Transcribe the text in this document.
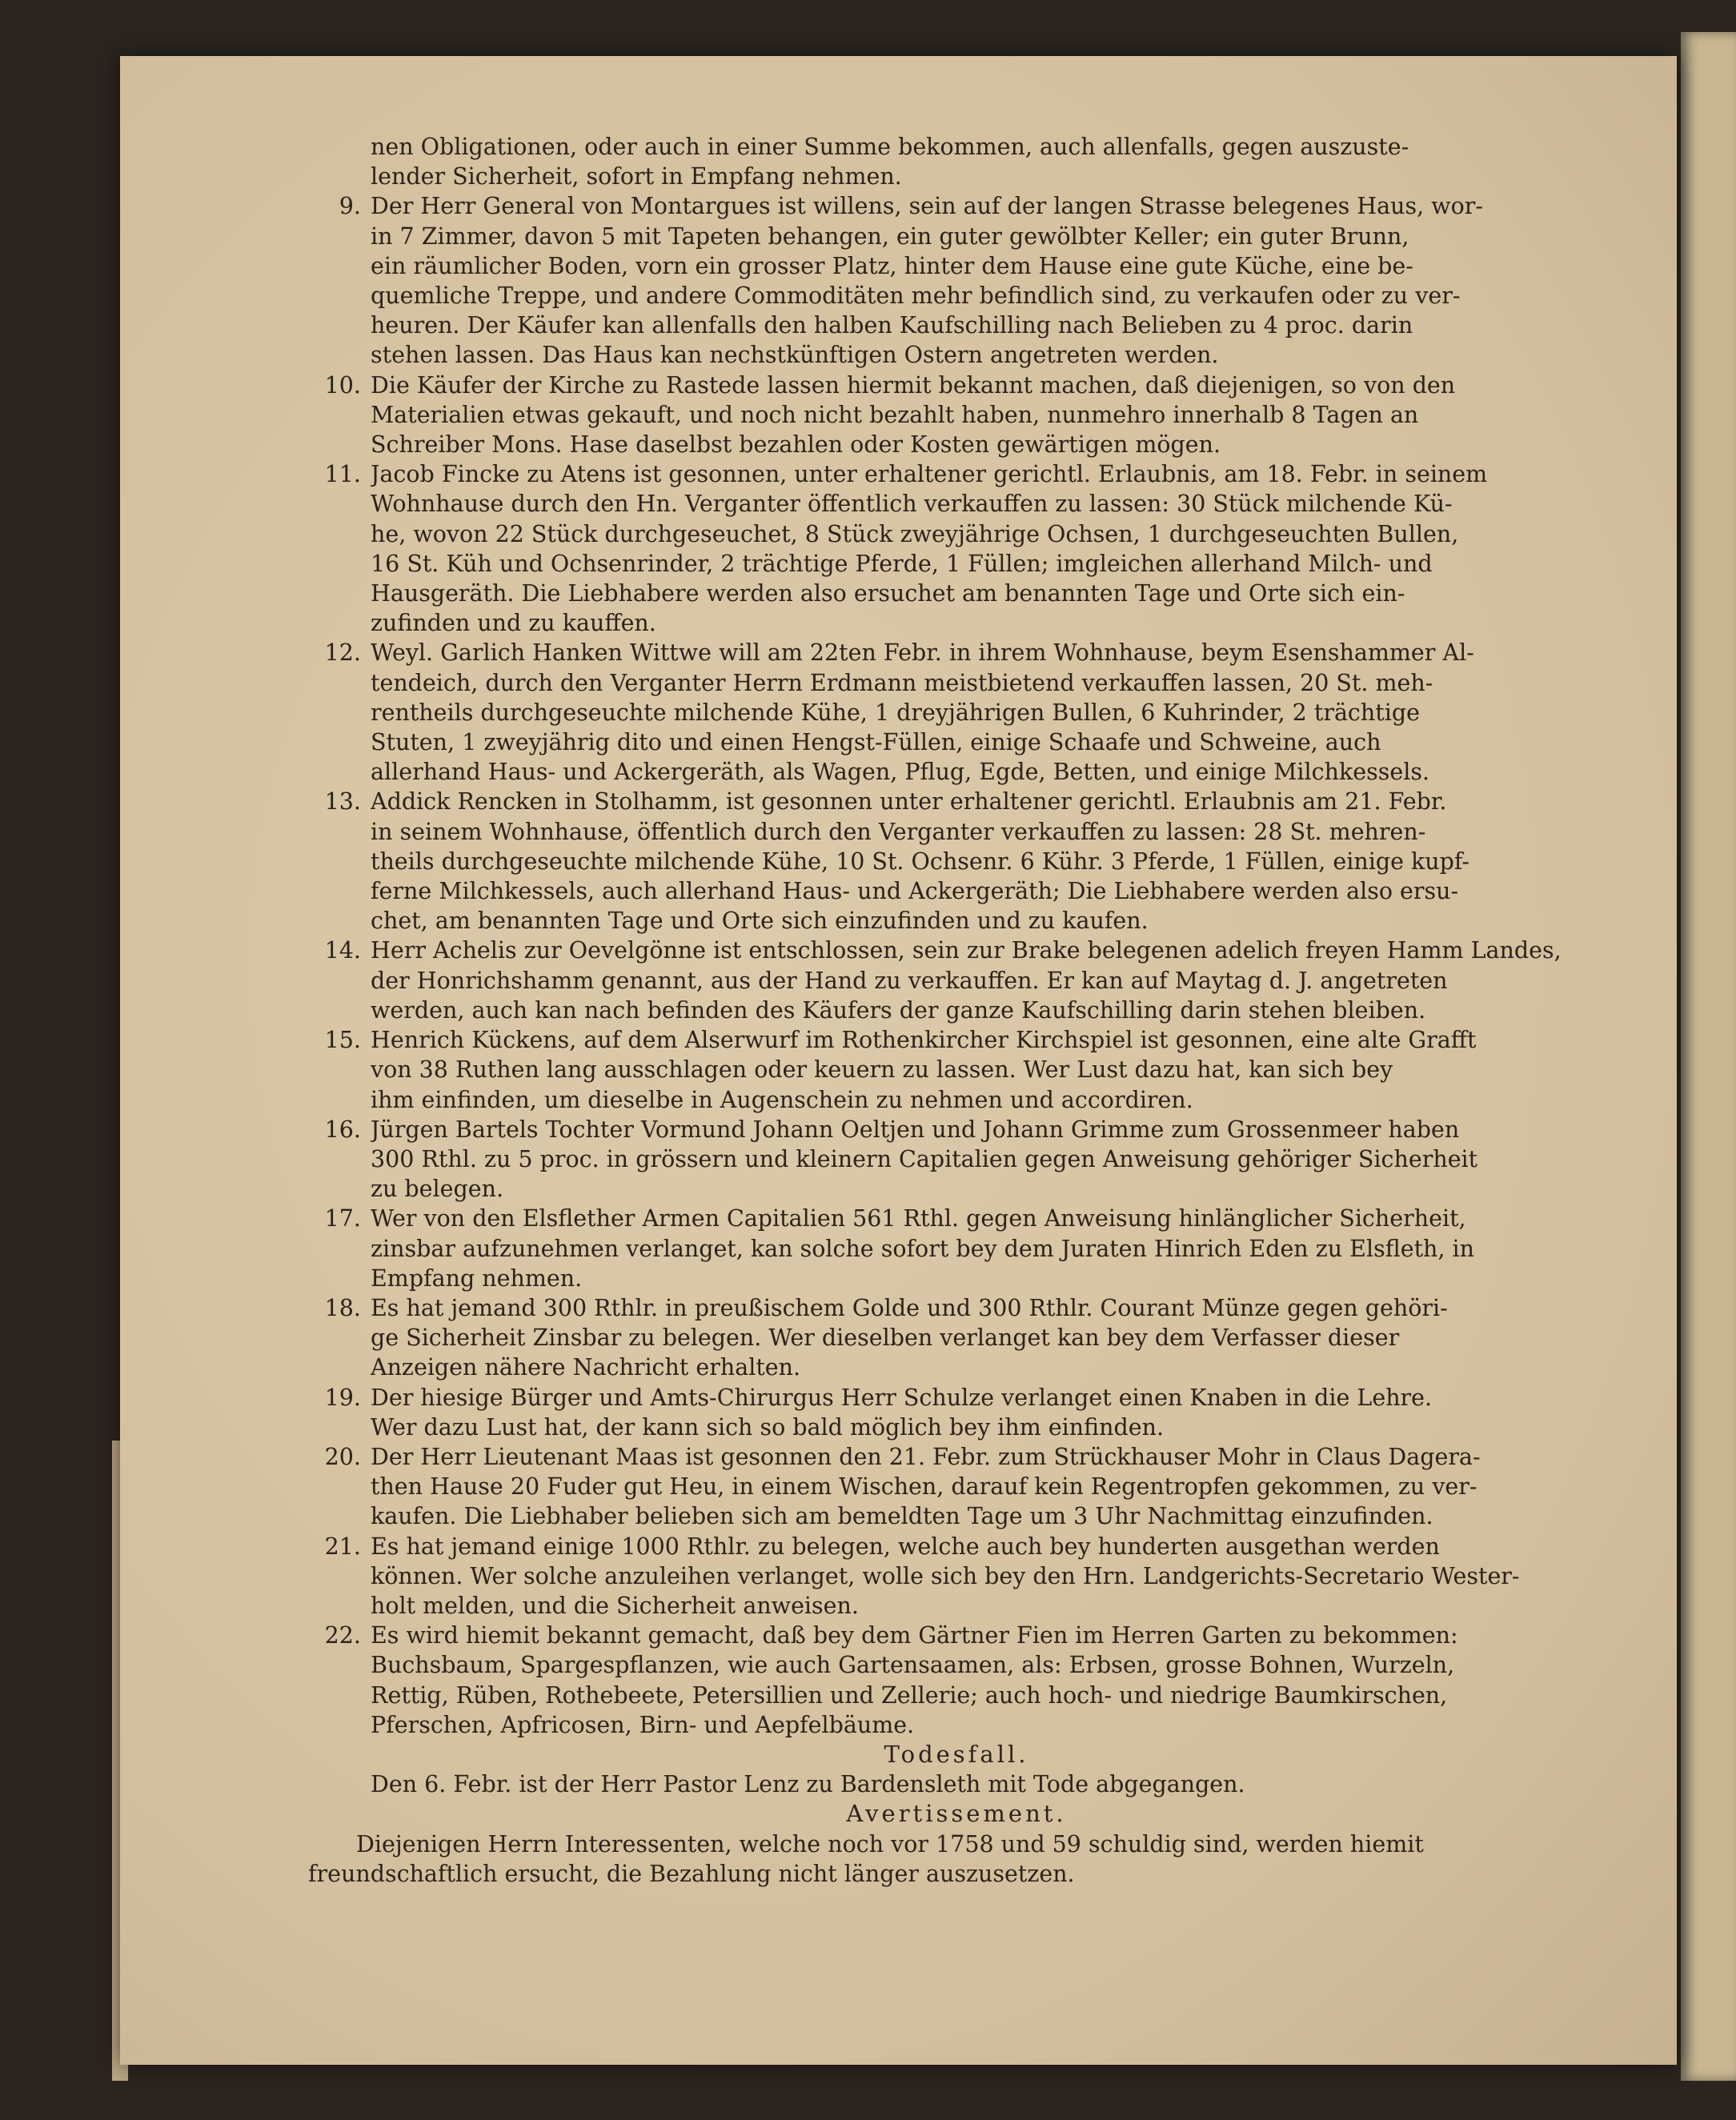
nen Obligationen, oder auch in einer Summe bekommen, auch allenfalls, gegen auszuste-
lender Sicherheit, sofort in Empfang nehmen.
9. Der Herr General von Montargues ist willens, sein auf der langen Strasse belegenes Haus, wor-
in 7 Zimmer, davon 5 mit Tapeten behangen, ein guter gewölbter Keller; ein guter Brunn,
ein räumlicher Boden, vorn ein grosser Platz, hinter dem Hause eine gute Küche, eine be-
quemliche Treppe, und andere Commoditäten mehr befindlich sind, zu verkaufen oder zu ver-
heuren. Der Käufer kan allenfalls den halben Kaufschilling nach Belieben zu 4 proc. darin
stehen lassen. Das Haus kan nechstkünftigen Ostern angetreten werden.
10. Die Käufer der Kirche zu Rastede lassen hiermit bekannt machen, daß diejenigen, so von den
Materialien etwas gekauft, und noch nicht bezahlt haben, nunmehro innerhalb 8 Tagen an
Schreiber Mons. Hase daselbst bezahlen oder Kosten gewärtigen mögen.
11. Jacob Fincke zu Atens ist gesonnen, unter erhaltener gerichtl. Erlaubnis, am 18. Febr. in seinem
Wohnhause durch den Hn. Verganter öffentlich verkauffen zu lassen: 30 Stück milchende Kü-
he, wovon 22 Stück durchgeseuchet, 8 Stück zweyjährige Ochsen, 1 durchgeseuchten Bullen,
16 St. Küh und Ochsenrinder, 2 trächtige Pferde, 1 Füllen; imgleichen allerhand Milch- und
Hausgeräth. Die Liebhabere werden also ersuchet am benannten Tage und Orte sich ein-
zufinden und zu kauffen.
12. Weyl. Garlich Hanken Wittwe will am 22ten Febr. in ihrem Wohnhause, beym Esenshammer Al-
tendeich, durch den Verganter Herrn Erdmann meistbietend verkauffen lassen, 20 St. meh-
rentheils durchgeseuchte milchende Kühe, 1 dreyjährigen Bullen, 6 Kuhrinder, 2 trächtige
Stuten, 1 zweyjährig dito und einen Hengst-Füllen, einige Schaafe und Schweine, auch
allerhand Haus- und Ackergeräth, als Wagen, Pflug, Egde, Betten, und einige Milchkessels.
13. Addick Rencken in Stolhamm, ist gesonnen unter erhaltener gerichtl. Erlaubnis am 21. Febr.
in seinem Wohnhause, öffentlich durch den Verganter verkauffen zu lassen: 28 St. mehren-
theils durchgeseuchte milchende Kühe, 10 St. Ochsenr. 6 Kühr. 3 Pferde, 1 Füllen, einige kupf-
ferne Milchkessels, auch allerhand Haus- und Ackergeräth; Die Liebhabere werden also ersu-
chet, am benannten Tage und Orte sich einzufinden und zu kaufen.
14. Herr Achelis zur Oevelgönne ist entschlossen, sein zur Brake belegenen adelich freyen Hamm Landes,
der Honrichshamm genannt, aus der Hand zu verkauffen. Er kan auf Maytag d. J. angetreten
werden, auch kan nach befinden des Käufers der ganze Kaufschilling darin stehen bleiben.
15. Henrich Kückens, auf dem Alserwurf im Rothenkircher Kirchspiel ist gesonnen, eine alte Grafft
von 38 Ruthen lang ausschlagen oder keuern zu lassen. Wer Lust dazu hat, kan sich bey
ihm einfinden, um dieselbe in Augenschein zu nehmen und accordiren.
16. Jürgen Bartels Tochter Vormund Johann Oeltjen und Johann Grimme zum Grossenmeer haben
300 Rthl. zu 5 proc. in grössern und kleinern Capitalien gegen Anweisung gehöriger Sicherheit
zu belegen.
17. Wer von den Elsflether Armen Capitalien 561 Rthl. gegen Anweisung hinlänglicher Sicherheit,
zinsbar aufzunehmen verlanget, kan solche sofort bey dem Juraten Hinrich Eden zu Elsfleth, in
Empfang nehmen.
18. Es hat jemand 300 Rthlr. in preußischem Golde und 300 Rthlr. Courant Münze gegen gehöri-
ge Sicherheit Zinsbar zu belegen. Wer dieselben verlanget kan bey dem Verfasser dieser
Anzeigen nähere Nachricht erhalten.
19. Der hiesige Bürger und Amts-Chirurgus Herr Schulze verlanget einen Knaben in die Lehre.
Wer dazu Lust hat, der kann sich so bald möglich bey ihm einfinden.
20. Der Herr Lieutenant Maas ist gesonnen den 21. Febr. zum Strückhauser Mohr in Claus Dagera-
then Hause 20 Fuder gut Heu, in einem Wischen, darauf kein Regentropfen gekommen, zu ver-
kaufen. Die Liebhaber belieben sich am bemeldten Tage um 3 Uhr Nachmittag einzufinden.
21. Es hat jemand einige 1000 Rthlr. zu belegen, welche auch bey hunderten ausgethan werden
können. Wer solche anzuleihen verlanget, wolle sich bey den Hrn. Landgerichts-Secretario Wester-
holt melden, und die Sicherheit anweisen.
22. Es wird hiemit bekannt gemacht, daß bey dem Gärtner Fien im Herren Garten zu bekommen:
Buchsbaum, Spargespflanzen, wie auch Gartensaamen, als: Erbsen, grosse Bohnen, Wurzeln,
Rettig, Rüben, Rothebeete, Petersillien und Zellerie; auch hoch- und niedrige Baumkirschen,
Pferschen, Apfricosen, Birn- und Aepfelbäume.
Todesfall.
Den 6. Febr. ist der Herr Pastor Lenz zu Bardensleth mit Tode abgegangen.
Avertissement.
Diejenigen Herrn Interessenten, welche noch vor 1758 und 59 schuldig sind, werden hiemit
freundschaftlich ersucht, die Bezahlung nicht länger auszusetzen.
